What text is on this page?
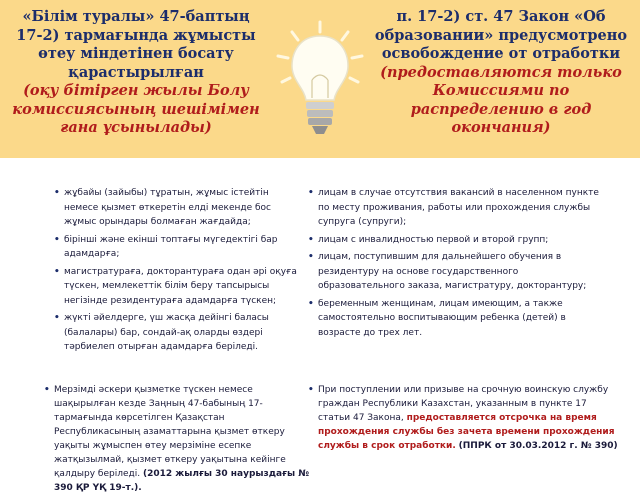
«Білім туралы» 47-баптың 17-2) тармағында жұмысты өтеу міндетінен босату қарастырылған
(оқу бітірген жылы Болу комиссиясының шешімімен ғана ұсынылады)
п. 17-2) ст. 47 Закон «Об образовании» предусмотрено освобождение от отработки
(предоставляются только Комиссиями по распределению в год окончания)
• жұбайы (зайыбы) тұратын, жұмыс істейтін немесе қызмет өткеретін елді мекенде бос жұмыс орындары болмаған жағдайда;
• бірінші және екінші топтағы мүгедектігі бар адамдарға;
• магистратураға, докторантураға одан әрі оқуға түскен, мемлекеттік білім беру тапсырысы негізінде резидентураға адамдарға түскен;
• жүкті әйелдерге, үш жасқа дейінгі баласы (балалары) бар, сондай-ақ оларды өздері тәрбиелеп отырған адамдарға беріледі.
• лицам в случае отсутствия вакансий в населенном пункте по месту проживания, работы или прохождения службы супруга (супруги);
• лицам с инвалидностью первой и второй групп;
• лицам, поступившим для дальнейшего обучения в резидентуру на основе государственного образовательного заказа, магистратуру, докторантуру;
• беременным женщинам, лицам имеющим, а также самостоятельно воспитывающим ребенка (детей) в возрасте до трех лет.
• Мерзімді әскери қызметке түскен немесе шақырылған кезде Заңның 47-бабының 17-тармағында көрсетілген Қазақстан Республикасының азаматтарына қызмет өткеру уақыты жұмыспен өтеу мерзіміне есепке жатқызылмай, қызмет өткеру уақытына кейінге қалдыру беріледі. (2012 жылғы 30 наурыздағы № 390 ҚР ҮҚ 19-т.).
• При поступлении или призыве на срочную воинскую службу граждан Республики Казахстан, указанным в пункте 17 статьи 47 Закона, предоставляется отсрочка на время прохождения службы без зачета времени прохождения службы в срок отработки. (ППРК от 30.03.2012 г. № 390)
